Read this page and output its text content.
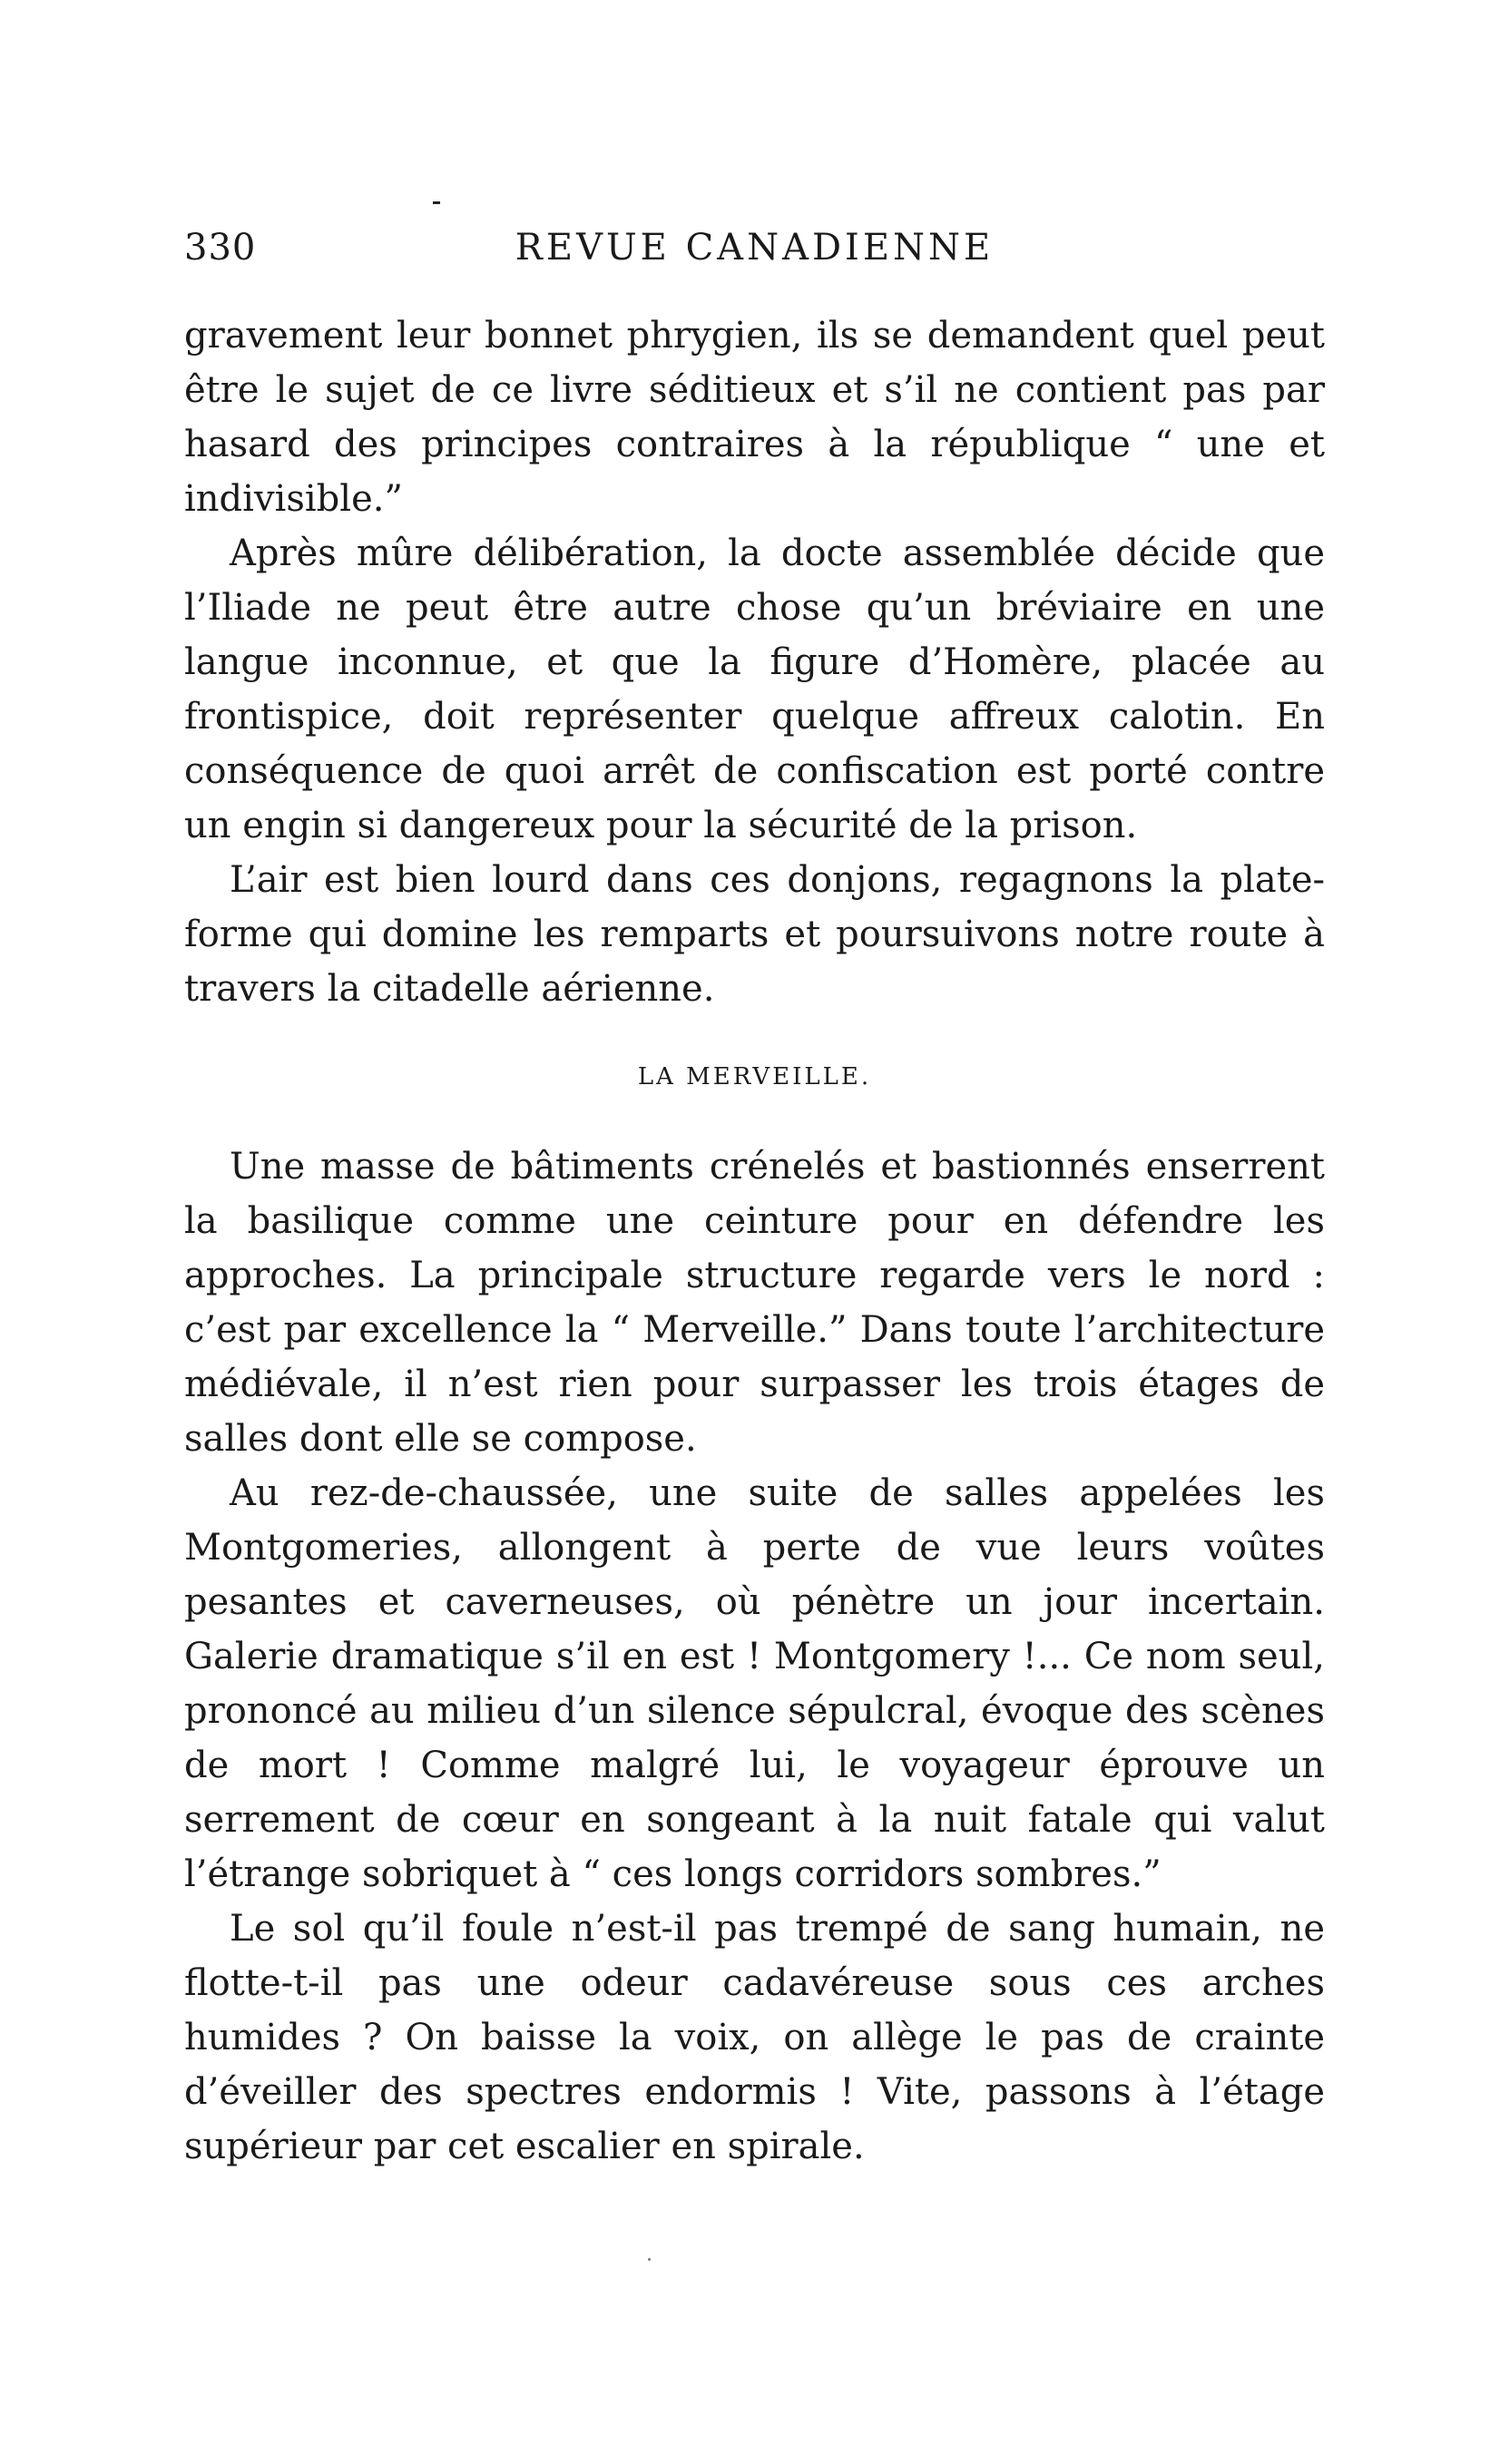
330	REVUE CANADIENNE

gravement leur bonnet phrygien, ils se demandent quel peut être le sujet de ce livre séditieux et s’il ne contient pas par hasard des principes contraires à la république “ une et indivisible.”

Après mûre délibération, la docte assemblée décide que l’Iliade ne peut être autre chose qu’un bréviaire en une langue inconnue, et que la figure d’Homère, placée au frontispice, doit représenter quelque affreux calotin. En conséquence de quoi arrêt de confiscation est porté contre un engin si dangereux pour la sécurité de la prison.

L’air est bien lourd dans ces donjons, regagnons la plate-forme qui domine les remparts et poursuivons notre route à travers la citadelle aérienne.

LA MERVEILLE.

Une masse de bâtiments crénelés et bastionnés enserrent la basilique comme une ceinture pour en défendre les approches. La principale structure regarde vers le nord : c’est par excellence la “ Merveille.” Dans toute l’architecture médiévale, il n’est rien pour surpasser les trois étages de salles dont elle se compose.

Au rez-de-chaussée, une suite de salles appelées les Montgomeries, allongent à perte de vue leurs voûtes pesantes et caverneuses, où pénètre un jour incertain. Galerie dramatique s’il en est ! Montgomery !... Ce nom seul, prononcé au milieu d’un silence sépulcral, évoque des scènes de mort ! Comme malgré lui, le voyageur éprouve un serrement de cœur en songeant à la nuit fatale qui valut l’étrange sobriquet à “ ces longs corridors sombres.”

Le sol qu’il foule n’est-il pas trempé de sang humain, ne flotte-t-il pas une odeur cadavéreuse sous ces arches humides ? On baisse la voix, on allège le pas de crainte d’éveiller des spectres endormis ! Vite, passons à l’étage supérieur par cet escalier en spirale.
